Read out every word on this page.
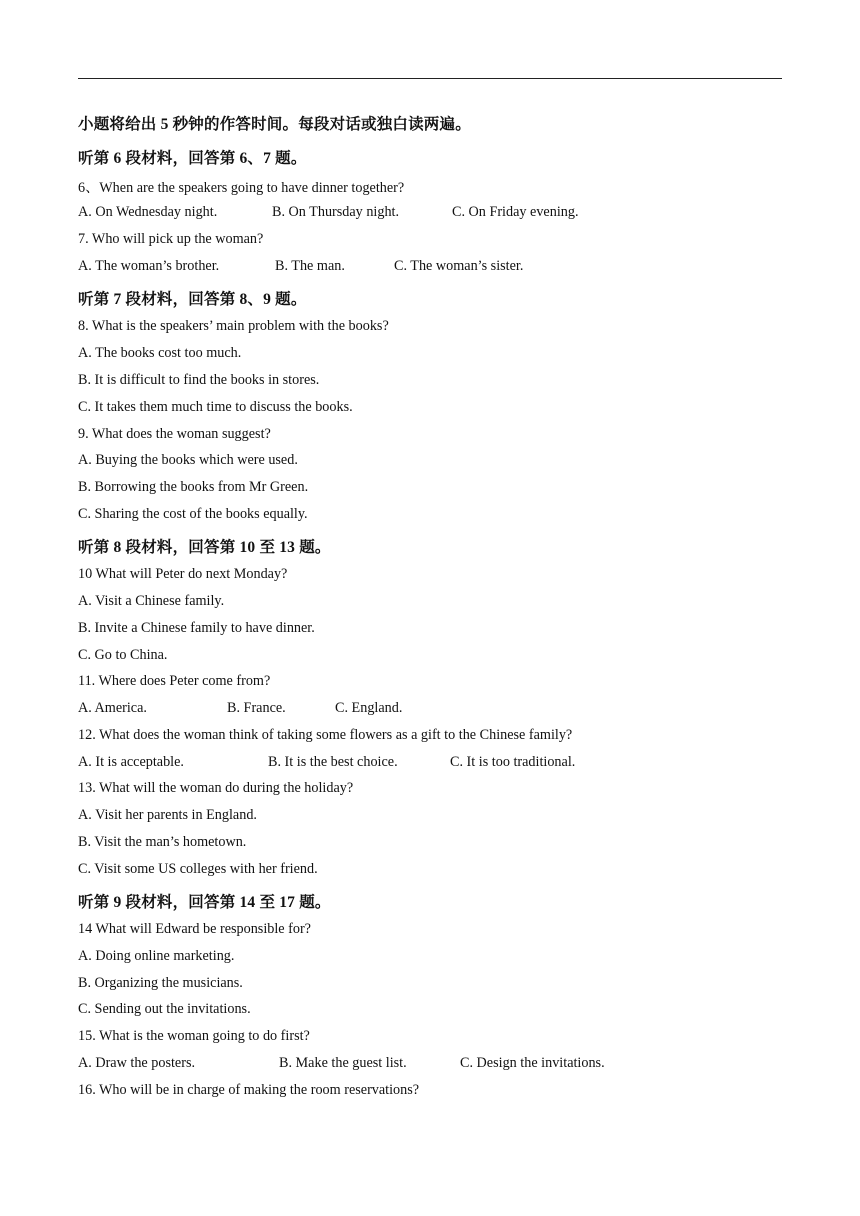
小题将给出 5 秒钟的作答时间。每段对话或独白读两遍。
听第 6 段材料，回答第 6、7 题。
6、When are the speakers going to have dinner together?
A. On Wednesday night.	B. On Thursday night.	C. On Friday evening.
7. Who will pick up the woman?
A. The woman’s brother.	B. The man.	C. The woman’s sister.
听第 7 段材料，回答第 8、9 题。
8. What is the speakers’ main problem with the books?
A. The books cost too much.
B. It is difficult to find the books in stores.
C. It takes them much time to discuss the books.
9. What does the woman suggest?
A. Buying the books which were used.
B. Borrowing the books from Mr Green.
C. Sharing the cost of the books equally.
听第 8 段材料，回答第 10 至 13 题。
10 What will Peter do next Monday?
A. Visit a Chinese family.
B. Invite a Chinese family to have dinner.
C. Go to China.
11. Where does Peter come from?
A. America.	B. France.	C. England.
12. What does the woman think of taking some flowers as a gift to the Chinese family?
A. It is acceptable.	B. It is the best choice.	C. It is too traditional.
13. What will the woman do during the holiday?
A. Visit her parents in England.
B. Visit the man’s hometown.
C. Visit some US colleges with her friend.
听第 9 段材料，回答第 14 至 17 题。
14 What will Edward be responsible for?
A. Doing online marketing.
B. Organizing the musicians.
C. Sending out the invitations.
15. What is the woman going to do first?
A. Draw the posters.	B. Make the guest list.	C. Design the invitations.
16. Who will be in charge of making the room reservations?
